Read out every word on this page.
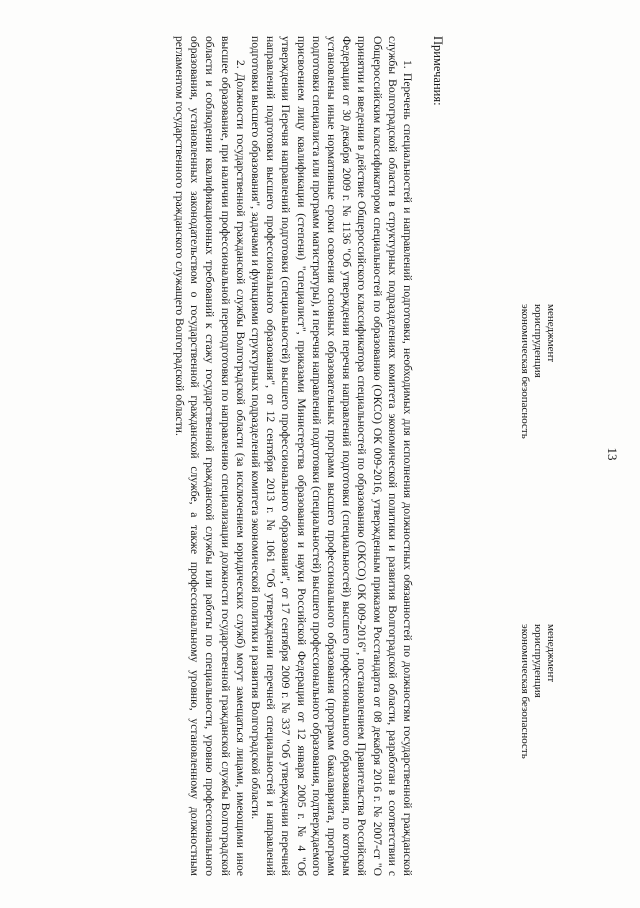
13
менеджмент
юриспруденция
экономическая безопасность
менеджмент
юриспруденция
экономическая безопасность
Примечания:

1. Перечень специальностей и направлений подготовки, необходимых для исполнения должностных обязанностей по должностям государственной гражданской службы Волгоградской области в структурных подразделениях комитета экономической политики и развития Волгоградской области, разработан в соответствии с Общероссийским классификатором специальностей по образованию (ОКСО) ОК 009-2016, утвержденным приказом Росстандарта от 08 декабря 2016 г. № 2007-ст "О принятии и введении в действие Общероссийского классификатора специальностей по образованию (ОКСО) ОК 009-2016", постановлением Правительства Российской Федерации от 30 декабря 2009 г. № 1136 "Об утверждении перечня направлений подготовки (специальностей) высшего профессионального образования, по которым установлены иные нормативные сроки освоения основных образовательных программ высшего профессионального образования (программ бакалавриата, программ подготовки специалиста или программ магистратуры), и перечня направлений подготовки (специальностей) высшего профессионального образования, подтверждаемого присвоением лицу квалификации (степени) "специалист", приказами Министерства образования и науки Российской Федерации от 12 января 2005 г. № 4 "Об утверждении Перечня направлений подготовки (специальностей) высшего профессионального образования", от 17 сентября 2009 г. № 337 "Об утверждении перечней направлений подготовки высшего профессионального образования", от 12 сентября 2013 г. № 1061 "Об утверждении перечней специальностей и направлений подготовки высшего образования", задачами и функциями структурных подразделений комитета экономической политики и развития Волгоградской области.

2. Должности государственной гражданской службы Волгоградской области (за исключением юридических служб) могут замещаться лицами, имеющими иное высшее образование, при наличии профессиональной переподготовки по направлению специализации должности государственной гражданской службы Волгоградской области и соблюдении квалификационных требований к стажу государственной гражданской службы или работы по специальности, уровню профессионального образования, установленных законодательством о государственной гражданской службе, а также профессиональному уровню, установленному должностным регламентом государственного гражданского служащего Волгоградской области.
